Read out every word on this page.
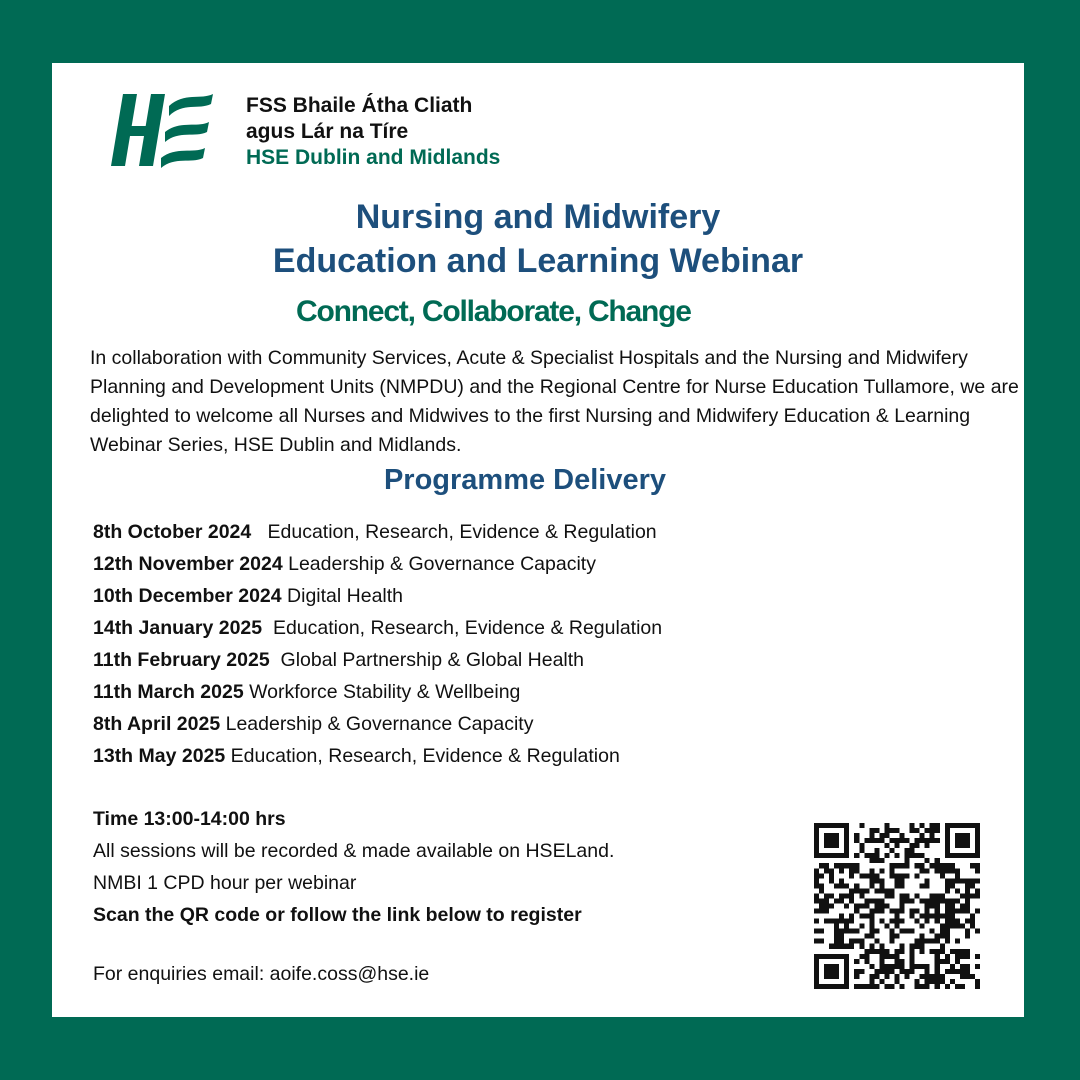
FSS Bhaile Átha Cliath
agus Lár na Tíre
HSE Dublin and Midlands
Nursing and Midwifery
Education and Learning Webinar
Connect, Collaborate, Change
In collaboration with Community Services, Acute & Specialist Hospitals and the Nursing and Midwifery Planning and Development Units (NMPDU) and the Regional Centre for Nurse Education Tullamore, we are delighted to welcome all Nurses and Midwives to the first Nursing and Midwifery Education & Learning Webinar Series, HSE Dublin and Midlands.
Programme Delivery
8th October 2024 Education, Research, Evidence & Regulation
12th November 2024 Leadership & Governance Capacity
10th December 2024 Digital Health
14th January 2025 Education, Research, Evidence & Regulation
11th February 2025 Global Partnership & Global Health
11th March 2025 Workforce Stability & Wellbeing
8th April 2025 Leadership & Governance Capacity
13th May 2025 Education, Research, Evidence & Regulation
Time 13:00-14:00 hrs
All sessions will be recorded & made available on HSELand.
NMBI 1 CPD hour per webinar
Scan the QR code or follow the link below to register
For enquiries email: aoife.coss@hse.ie
